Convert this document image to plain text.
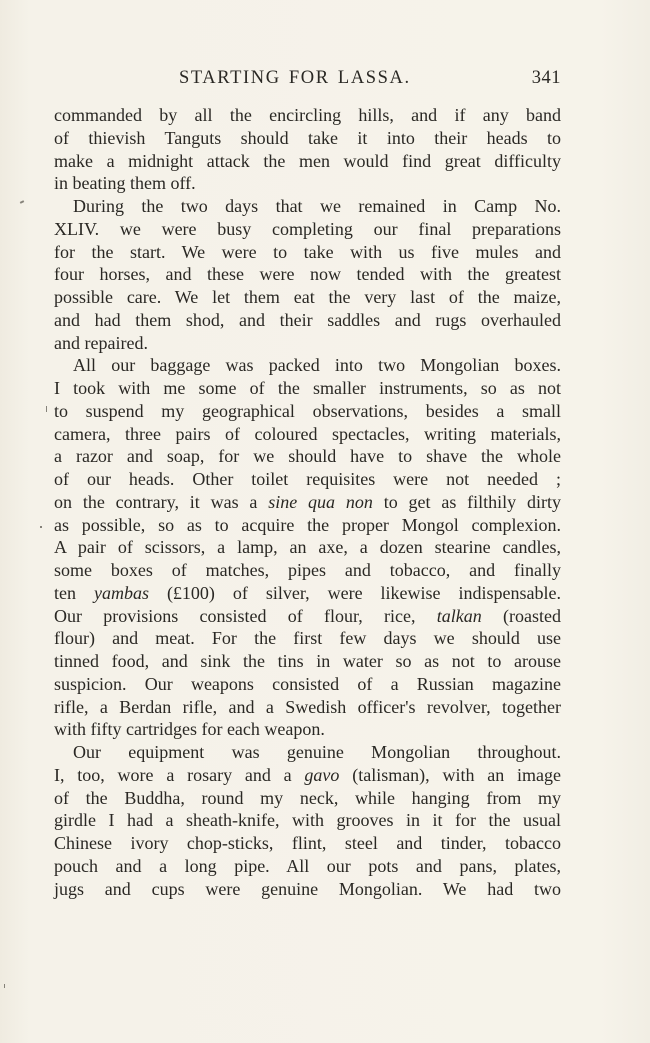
STARTING FOR LASSA.	341
commanded by all the encircling hills, and if any band
of thievish Tanguts should take it into their heads to
make a midnight attack the men would find great difficulty
in beating them off.
During the two days that we remained in Camp No.
XLIV. we were busy completing our final preparations
for the start. We were to take with us five mules and
four horses, and these were now tended with the greatest
possible care. We let them eat the very last of the maize,
and had them shod, and their saddles and rugs overhauled
and repaired.
All our baggage was packed into two Mongolian boxes.
I took with me some of the smaller instruments, so as not
to suspend my geographical observations, besides a small
camera, three pairs of coloured spectacles, writing materials,
a razor and soap, for we should have to shave the whole
of our heads. Other toilet requisites were not needed ;
on the contrary, it was a sine qua non to get as filthily dirty
as possible, so as to acquire the proper Mongol complexion.
A pair of scissors, a lamp, an axe, a dozen stearine candles,
some boxes of matches, pipes and tobacco, and finally
ten yambas (£100) of silver, were likewise indispensable.
Our provisions consisted of flour, rice, talkan (roasted
flour) and meat. For the first few days we should use
tinned food, and sink the tins in water so as not to arouse
suspicion. Our weapons consisted of a Russian magazine
rifle, a Berdan rifle, and a Swedish officer's revolver, together
with fifty cartridges for each weapon.
Our equipment was genuine Mongolian throughout.
I, too, wore a rosary and a gavo (talisman), with an image
of the Buddha, round my neck, while hanging from my
girdle I had a sheath-knife, with grooves in it for the usual
Chinese ivory chop-sticks, flint, steel and tinder, tobacco
pouch and a long pipe. All our pots and pans, plates,
jugs and cups were genuine Mongolian. We had two
